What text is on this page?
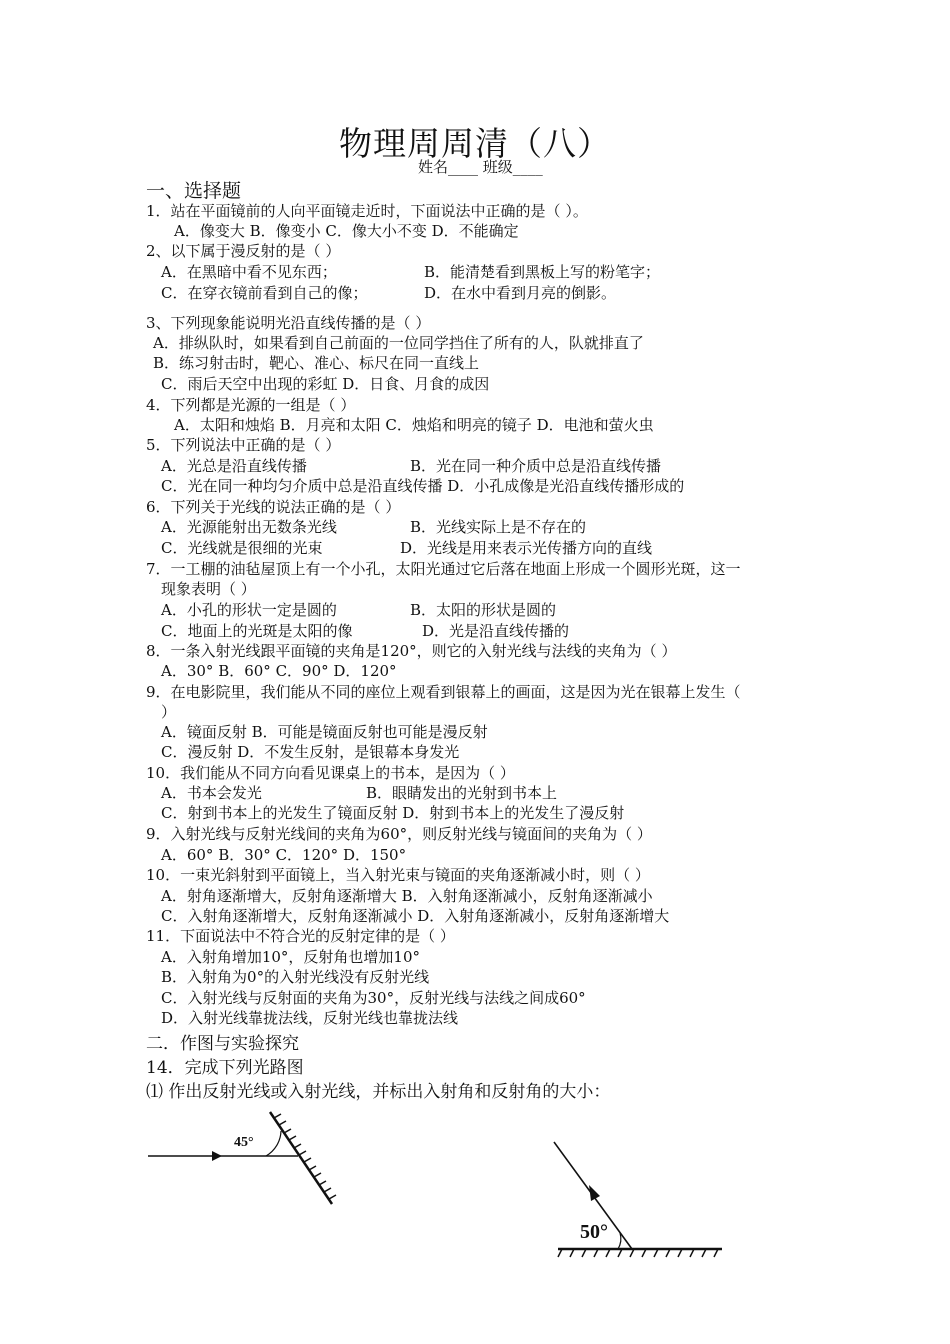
物理周周清（八）
姓名____ 班级____
一、选择题
1．站在平面镜前的人向平面镜走近时，下面说法中正确的是（ ）。
A．像变大 B．像变小 C．像大小不变 D．不能确定
2、以下属于漫反射的是（ ）
A．在黑暗中看不见东西；	B．能清楚看到黑板上写的粉笔字；
C．在穿衣镜前看到自己的像；	D．在水中看到月亮的倒影。
3、下列现象能说明光沿直线传播的是（ ）
A．排纵队时，如果看到自己前面的一位同学挡住了所有的人，队就排直了
B．练习射击时，靶心、准心、标尺在同一直线上
C．雨后天空中出现的彩虹 D．日食、月食的成因
4．下列都是光源的一组是（ ）
A．太阳和烛焰 B．月亮和太阳 C．烛焰和明亮的镜子 D．电池和萤火虫
5．下列说法中正确的是（ ）
A．光总是沿直线传播	B．光在同一种介质中总是沿直线传播
C．光在同一种均匀介质中总是沿直线传播 D．小孔成像是光沿直线传播形成的
6．下列关于光线的说法正确的是（ ）
A．光源能射出无数条光线	B．光线实际上是不存在的
C．光线就是很细的光束	D．光线是用来表示光传播方向的直线
7．一工棚的油毡屋顶上有一个小孔，太阳光通过它后落在地面上形成一个圆形光斑，这一
现象表明（ ）
A．小孔的形状一定是圆的	B．太阳的形状是圆的
C．地面上的光斑是太阳的像	D．光是沿直线传播的
8．一条入射光线跟平面镜的夹角是120°，则它的入射光线与法线的夹角为（ ）
A．30° B．60° C．90° D．120°
9．在电影院里，我们能从不同的座位上观看到银幕上的画面，这是因为光在银幕上发生（
）
A．镜面反射 B．可能是镜面反射也可能是漫反射
C．漫反射 D．不发生反射，是银幕本身发光
10．我们能从不同方向看见课桌上的书本，是因为（ ）
A．书本会发光	B．眼睛发出的光射到书本上
C．射到书本上的光发生了镜面反射 D．射到书本上的光发生了漫反射
9．入射光线与反射光线间的夹角为60°，则反射光线与镜面间的夹角为（ ）
A．60° B．30° C．120° D．150°
10．一束光斜射到平面镜上，当入射光束与镜面的夹角逐渐减小时，则（ ）
A．射角逐渐增大，反射角逐渐增大 B．入射角逐渐减小，反射角逐渐减小
C．入射角逐渐增大，反射角逐渐减小 D．入射角逐渐减小，反射角逐渐增大
11．下面说法中不符合光的反射定律的是（ ）
A．入射角增加10°，反射角也增加10°
B．入射角为0°的入射光线没有反射光线
C．入射光线与反射面的夹角为30°，反射光线与法线之间成60°
D．入射光线靠拢法线，反射光线也靠拢法线
二．作图与实验探究
14．完成下列光路图
⑴ 作出反射光线或入射光线，并标出入射角和反射角的大小：
45°
50°
